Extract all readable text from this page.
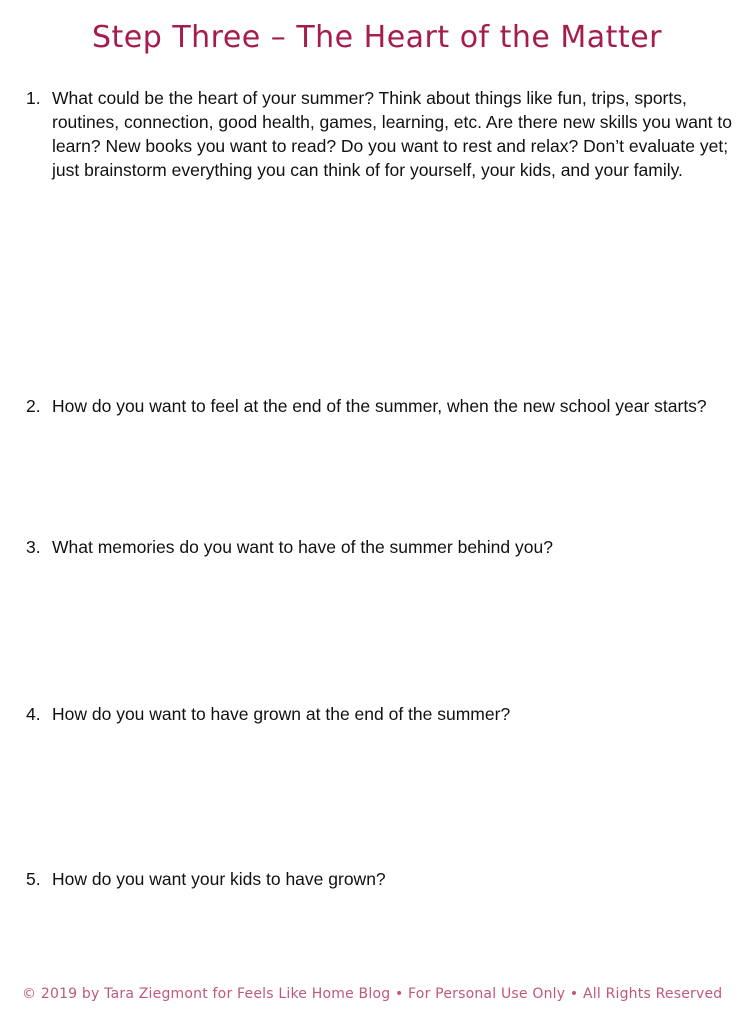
Step Three – The Heart of the Matter
1. What could be the heart of your summer? Think about things like fun, trips, sports, routines, connection, good health, games, learning, etc. Are there new skills you want to learn? New books you want to read? Do you want to rest and relax? Don’t evaluate yet; just brainstorm everything you can think of for yourself, your kids, and your family.
2. How do you want to feel at the end of the summer, when the new school year starts?
3. What memories do you want to have of the summer behind you?
4. How do you want to have grown at the end of the summer?
5. How do you want your kids to have grown?
© 2019 by Tara Ziegmont for Feels Like Home Blog • For Personal Use Only • All Rights Reserved
